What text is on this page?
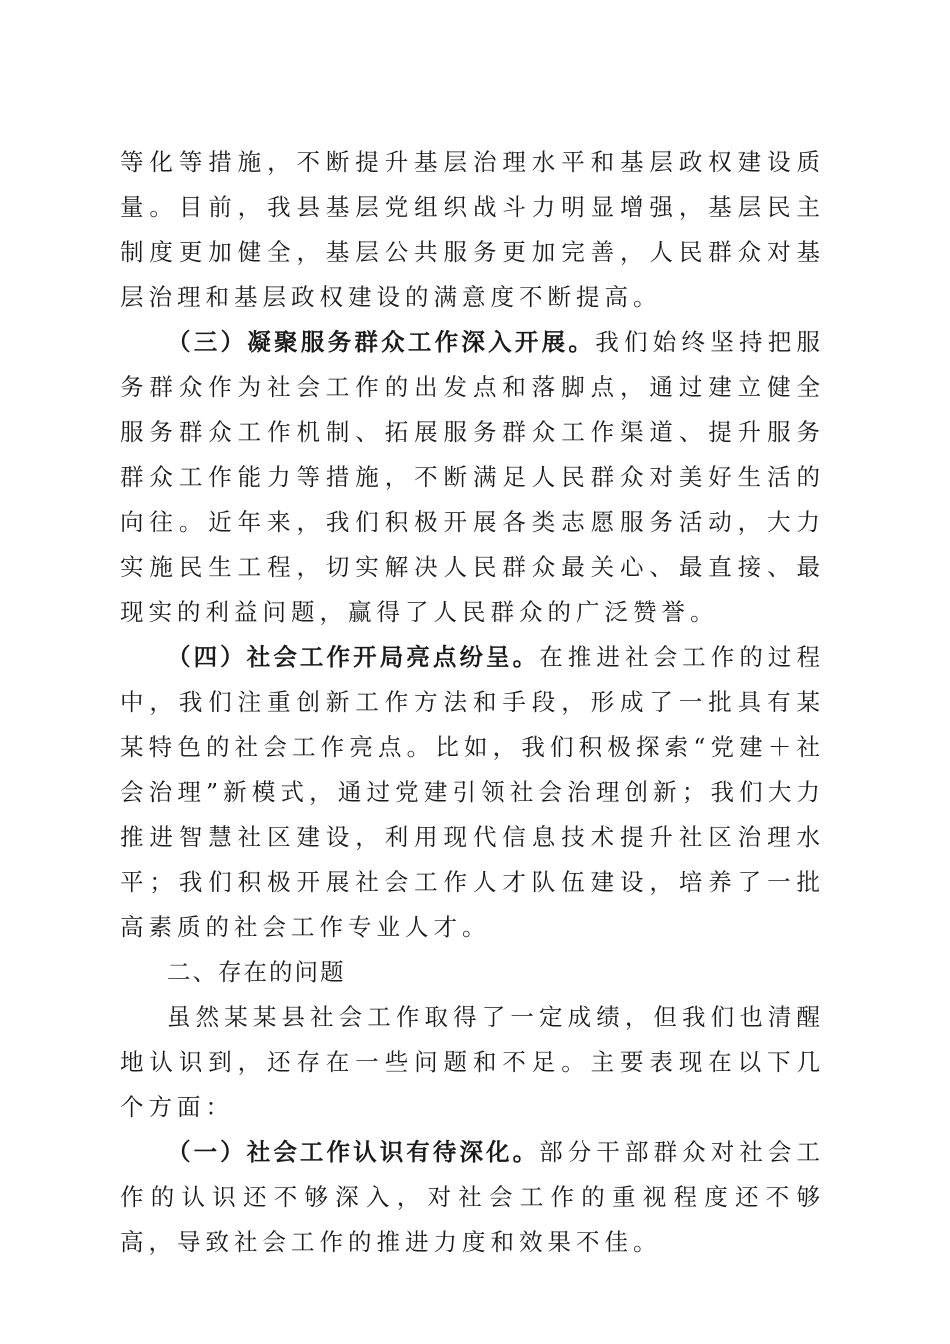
等化等措施，不断提升基层治理水平和基层政权建设质量。目前，我县基层党组织战斗力明显增强，基层民主制度更加健全，基层公共服务更加完善，人民群众对基层治理和基层政权建设的满意度不断提高。

（三）凝聚服务群众工作深入开展。我们始终坚持把服务群众作为社会工作的出发点和落脚点，通过建立健全服务群众工作机制、拓展服务群众工作渠道、提升服务群众工作能力等措施，不断满足人民群众对美好生活的向往。近年来，我们积极开展各类志愿服务活动，大力实施民生工程，切实解决人民群众最关心、最直接、最现实的利益问题，赢得了人民群众的广泛赞誉。

（四）社会工作开局亮点纷呈。在推进社会工作的过程中，我们注重创新工作方法和手段，形成了一批具有某某特色的社会工作亮点。比如，我们积极探索“党建＋社会治理”新模式，通过党建引领社会治理创新；我们大力推进智慧社区建设，利用现代信息技术提升社区治理水平；我们积极开展社会工作人才队伍建设，培养了一批高素质的社会工作专业人才。

二、存在的问题

虽然某某县社会工作取得了一定成绩，但我们也清醒地认识到，还存在一些问题和不足。主要表现在以下几个方面：

（一）社会工作认识有待深化。部分干部群众对社会工作的认识还不够深入，对社会工作的重视程度还不够高，导致社会工作的推进力度和效果不佳。
